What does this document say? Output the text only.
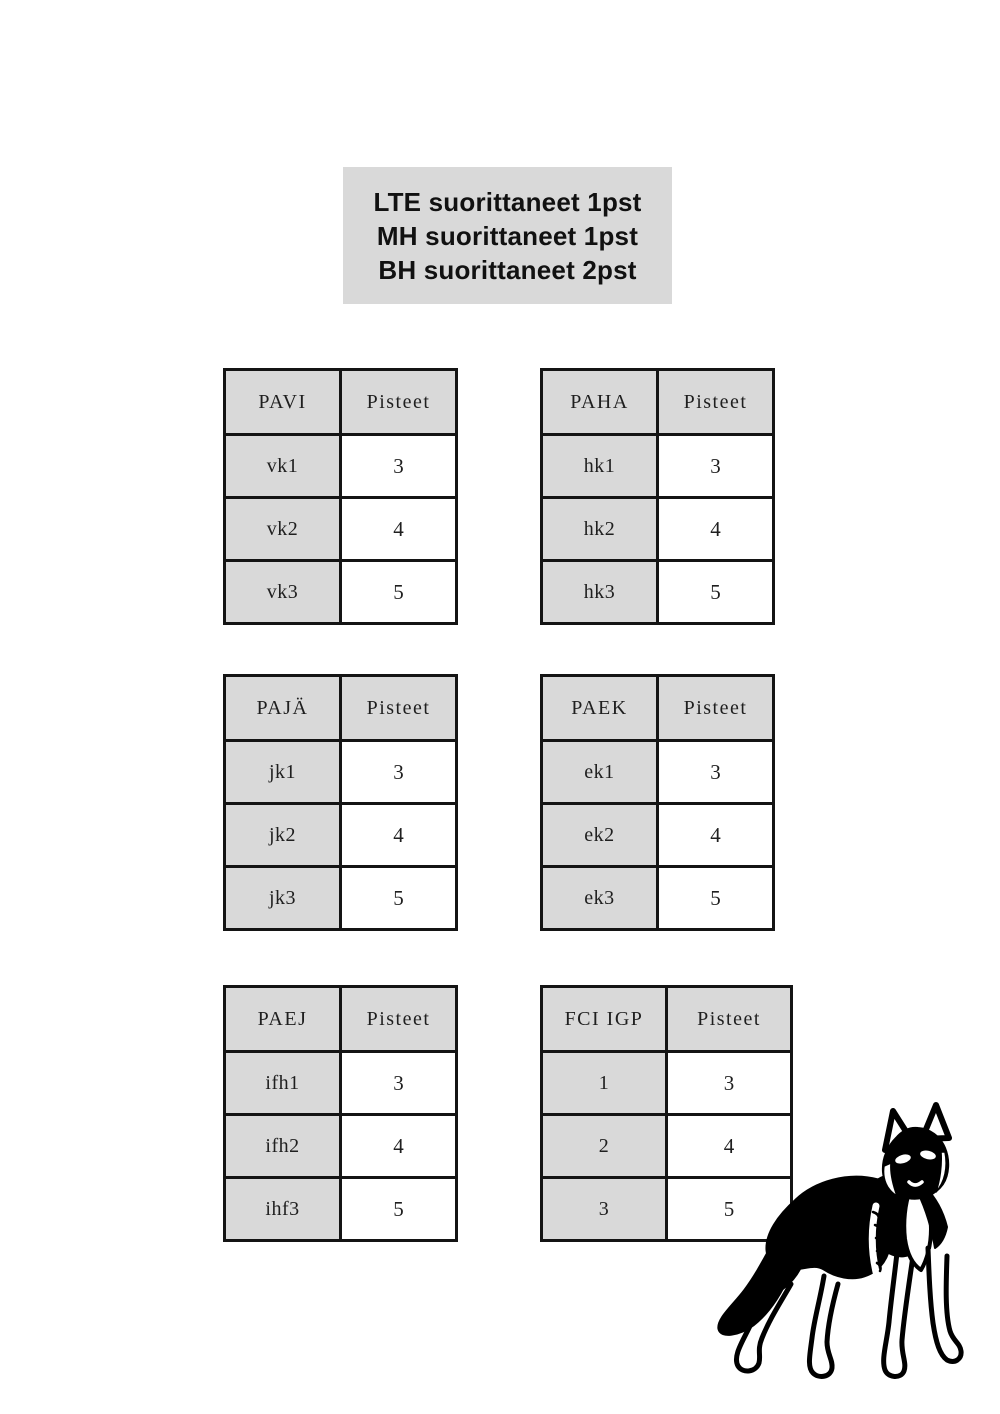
LTE suorittaneet 1pst
MH suorittaneet 1pst
BH suorittaneet 2pst
PAVI	Pisteet
vk1	3
vk2	4
vk3	5
PAHA	Pisteet
hk1	3
hk2	4
hk3	5
PAJÄ	Pisteet
jk1	3
jk2	4
jk3	5
PAEK	Pisteet
ek1	3
ek2	4
ek3	5
PAEJ	Pisteet
ifh1	3
ifh2	4
ihf3	5
FCI IGP	Pisteet
1	3
2	4
3	5
